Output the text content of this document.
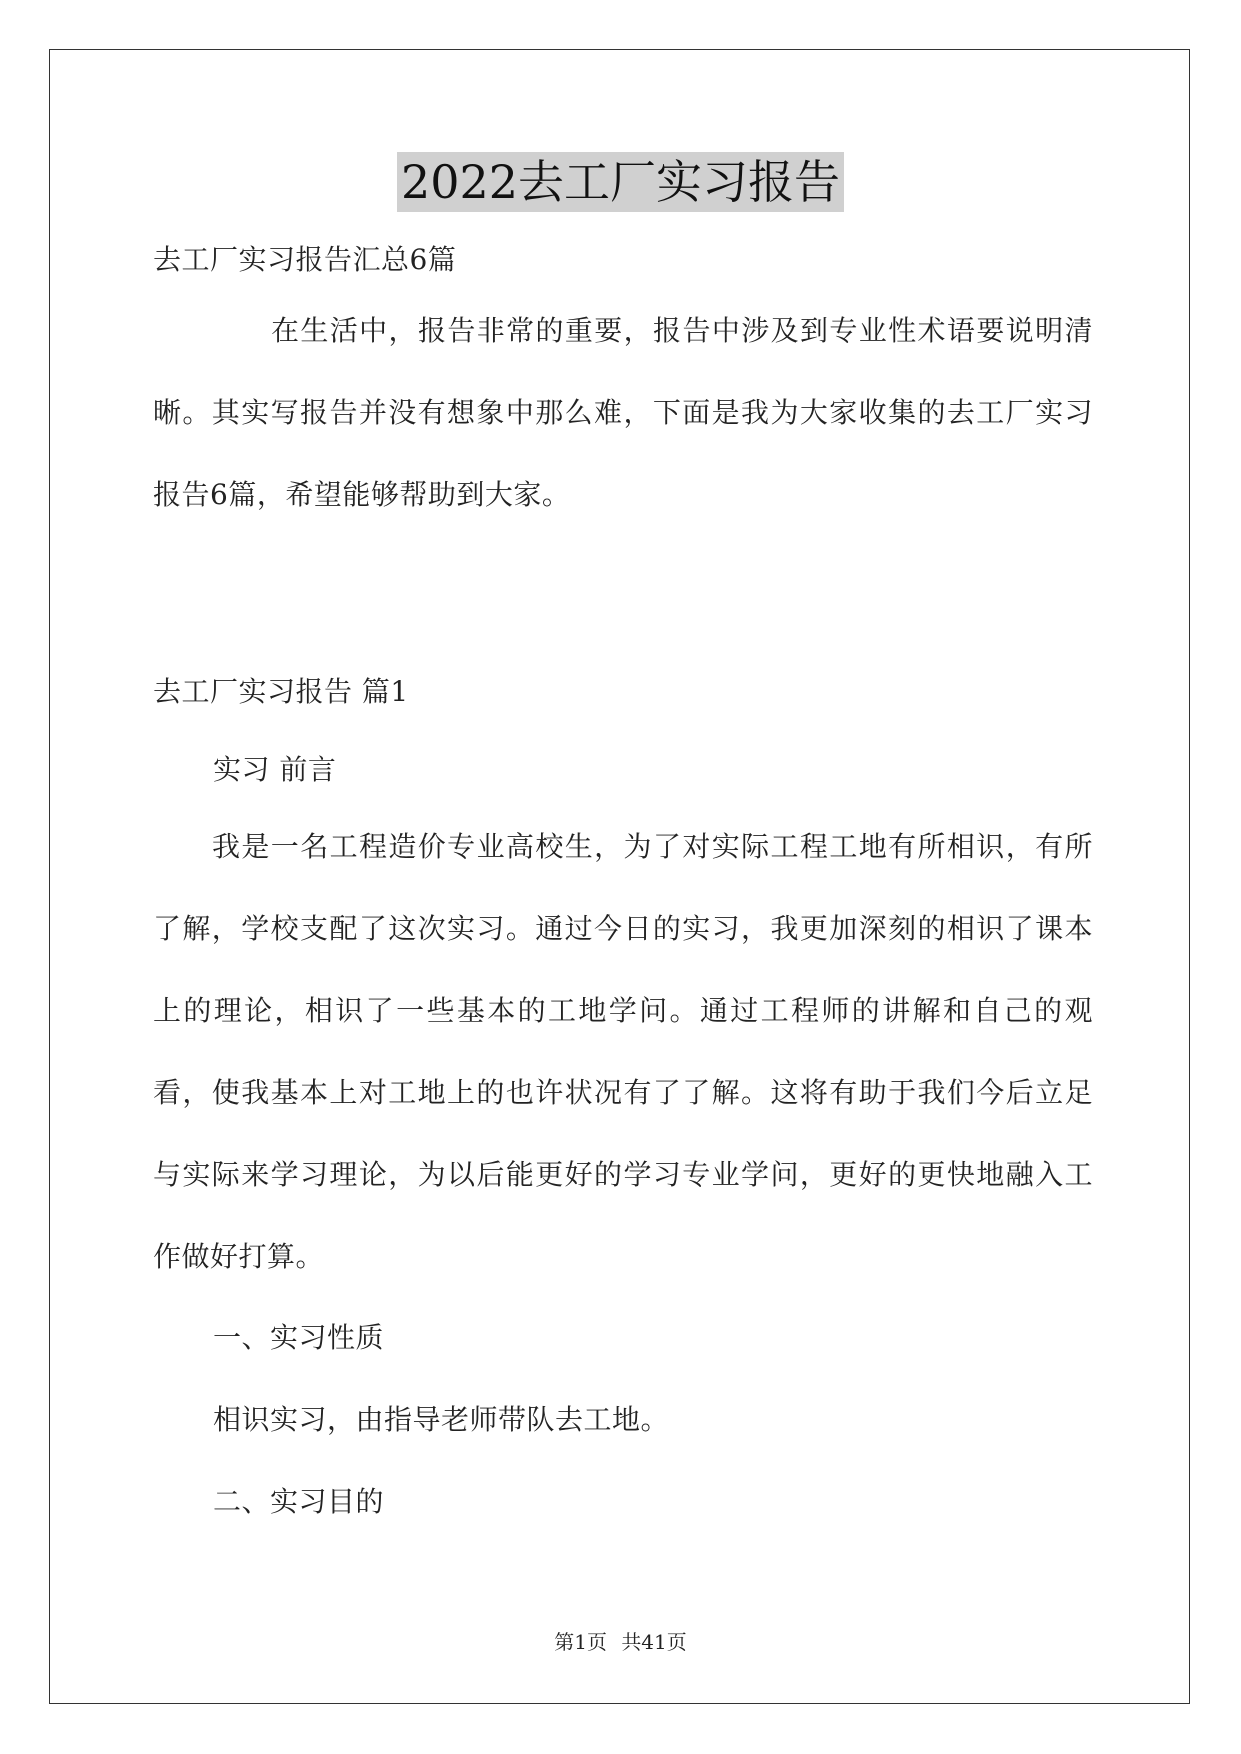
2022去工厂实习报告
去工厂实习报告汇总6篇
在生活中，报告非常的重要，报告中涉及到专业性术语要说明清晰。其实写报告并没有想象中那么难，下面是我为大家收集的去工厂实习报告6篇，希望能够帮助到大家。
去工厂实习报告 篇1
实习 前言
我是一名工程造价专业高校生，为了对实际工程工地有所相识，有所了解，学校支配了这次实习。通过今日的实习，我更加深刻的相识了课本上的理论，相识了一些基本的工地学问。通过工程师的讲解和自己的观看，使我基本上对工地上的也许状况有了了解。这将有助于我们今后立足与实际来学习理论，为以后能更好的学习专业学问，更好的更快地融入工作做好打算。
一、实习性质
相识实习，由指导老师带队去工地。
二、实习目的
第1页 共41页
